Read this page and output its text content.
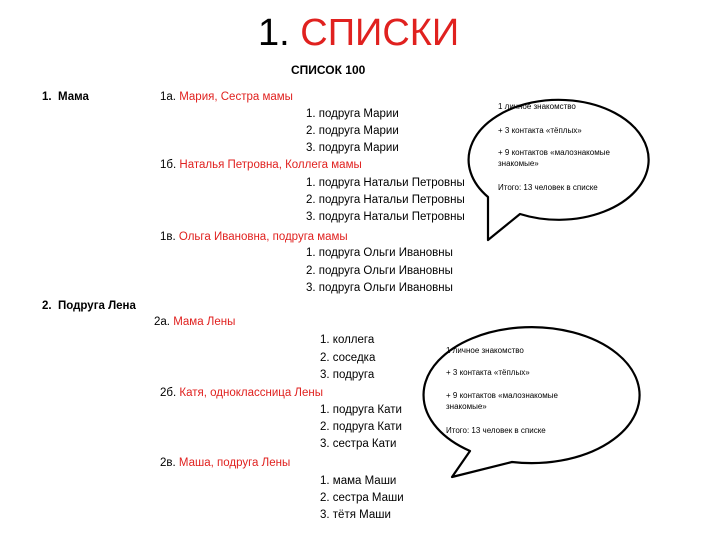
1. СПИСКИ
СПИСОК 100
1. Мама	1а. Мария, Сестра мамы
1. подруга Марии
2. подруга Марии
3. подруга Марии
1б. Наталья Петровна, Коллега мамы
1. подруга Натальи Петровны
2. подруга Натальи Петровны
3. подруга Натальи Петровны
1в. Ольга Ивановна, подруга мамы
1. подруга Ольги Ивановны
2. подруга Ольги Ивановны
3. подруга Ольги Ивановны
2. Подруга Лена
2а. Мама Лены
1. коллега
2. соседка
3. подруга
2б. Катя, одноклассница Лены
1. подруга Кати
2. подруга Кати
3. сестра Кати
2в. Маша, подруга Лены
1. мама Маши
2. сестра Маши
3. тётя Маши
1 личное знакомство
+ 3 контакта «тёплых»
+ 9 контактов «малознакомые
знакомые»
Итого: 13 человек в списке
1 личное знакомство
+ 3 контакта «тёплых»
+ 9 контактов «малознакомые
знакомые»
Итого: 13 человек в списке
